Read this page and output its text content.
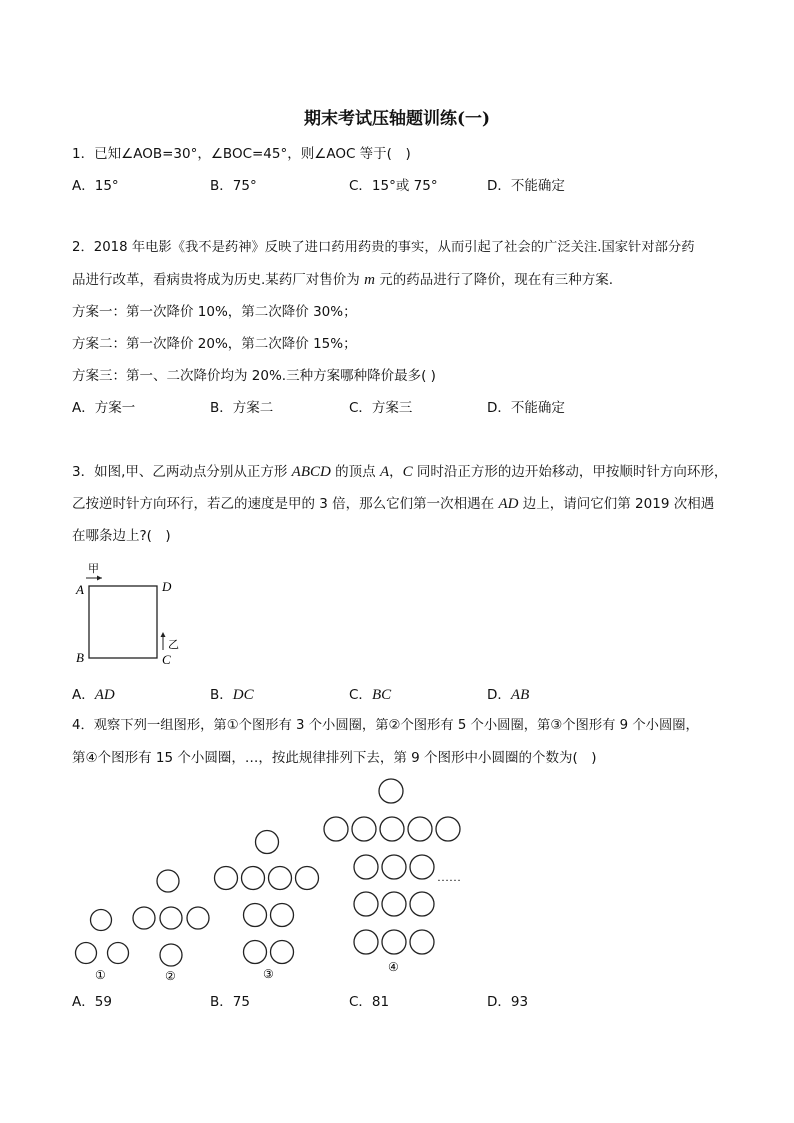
期末考试压轴题训练(一)
1．已知∠AOB=30°，∠BOC=45°，则∠AOC 等于(　)
A．15°	B．75°	C．15°或 75°	D．不能确定
2．2018 年电影《我不是药神》反映了进口药用药贵的事实，从而引起了社会的广泛关注.国家针对部分药
品进行改革，看病贵将成为历史.某药厂对售价为 m 元的药品进行了降价，现在有三种方案.
方案一：第一次降价 10%，第二次降价 30%；
方案二：第一次降价 20%，第二次降价 15%；
方案三：第一、二次降价均为 20%.三种方案哪种降价最多( )
A．方案一	B．方案二	C．方案三	D．不能确定
3．如图,甲、乙两动点分别从正方形 ABCD 的顶点 A，C 同时沿正方形的边开始移动，甲按顺时针方向环形，
乙按逆时针方向环行，若乙的速度是甲的 3 倍，那么它们第一次相遇在 AD 边上，请问它们第 2019 次相遇
在哪条边上?(　)
甲
A	D
B	C
乙
A．AD	B．DC	C．BC	D．AB
4．观察下列一组图形，第①个图形有 3 个小圆圈，第②个图形有 5 个小圆圈，第③个图形有 9 个小圆圈，
第④个图形有 15 个小圆圈，…，按此规律排列下去，第 9 个图形中小圆圈的个数为(　)
……
①	②	③	④
A．59	B．75	C．81	D．93
